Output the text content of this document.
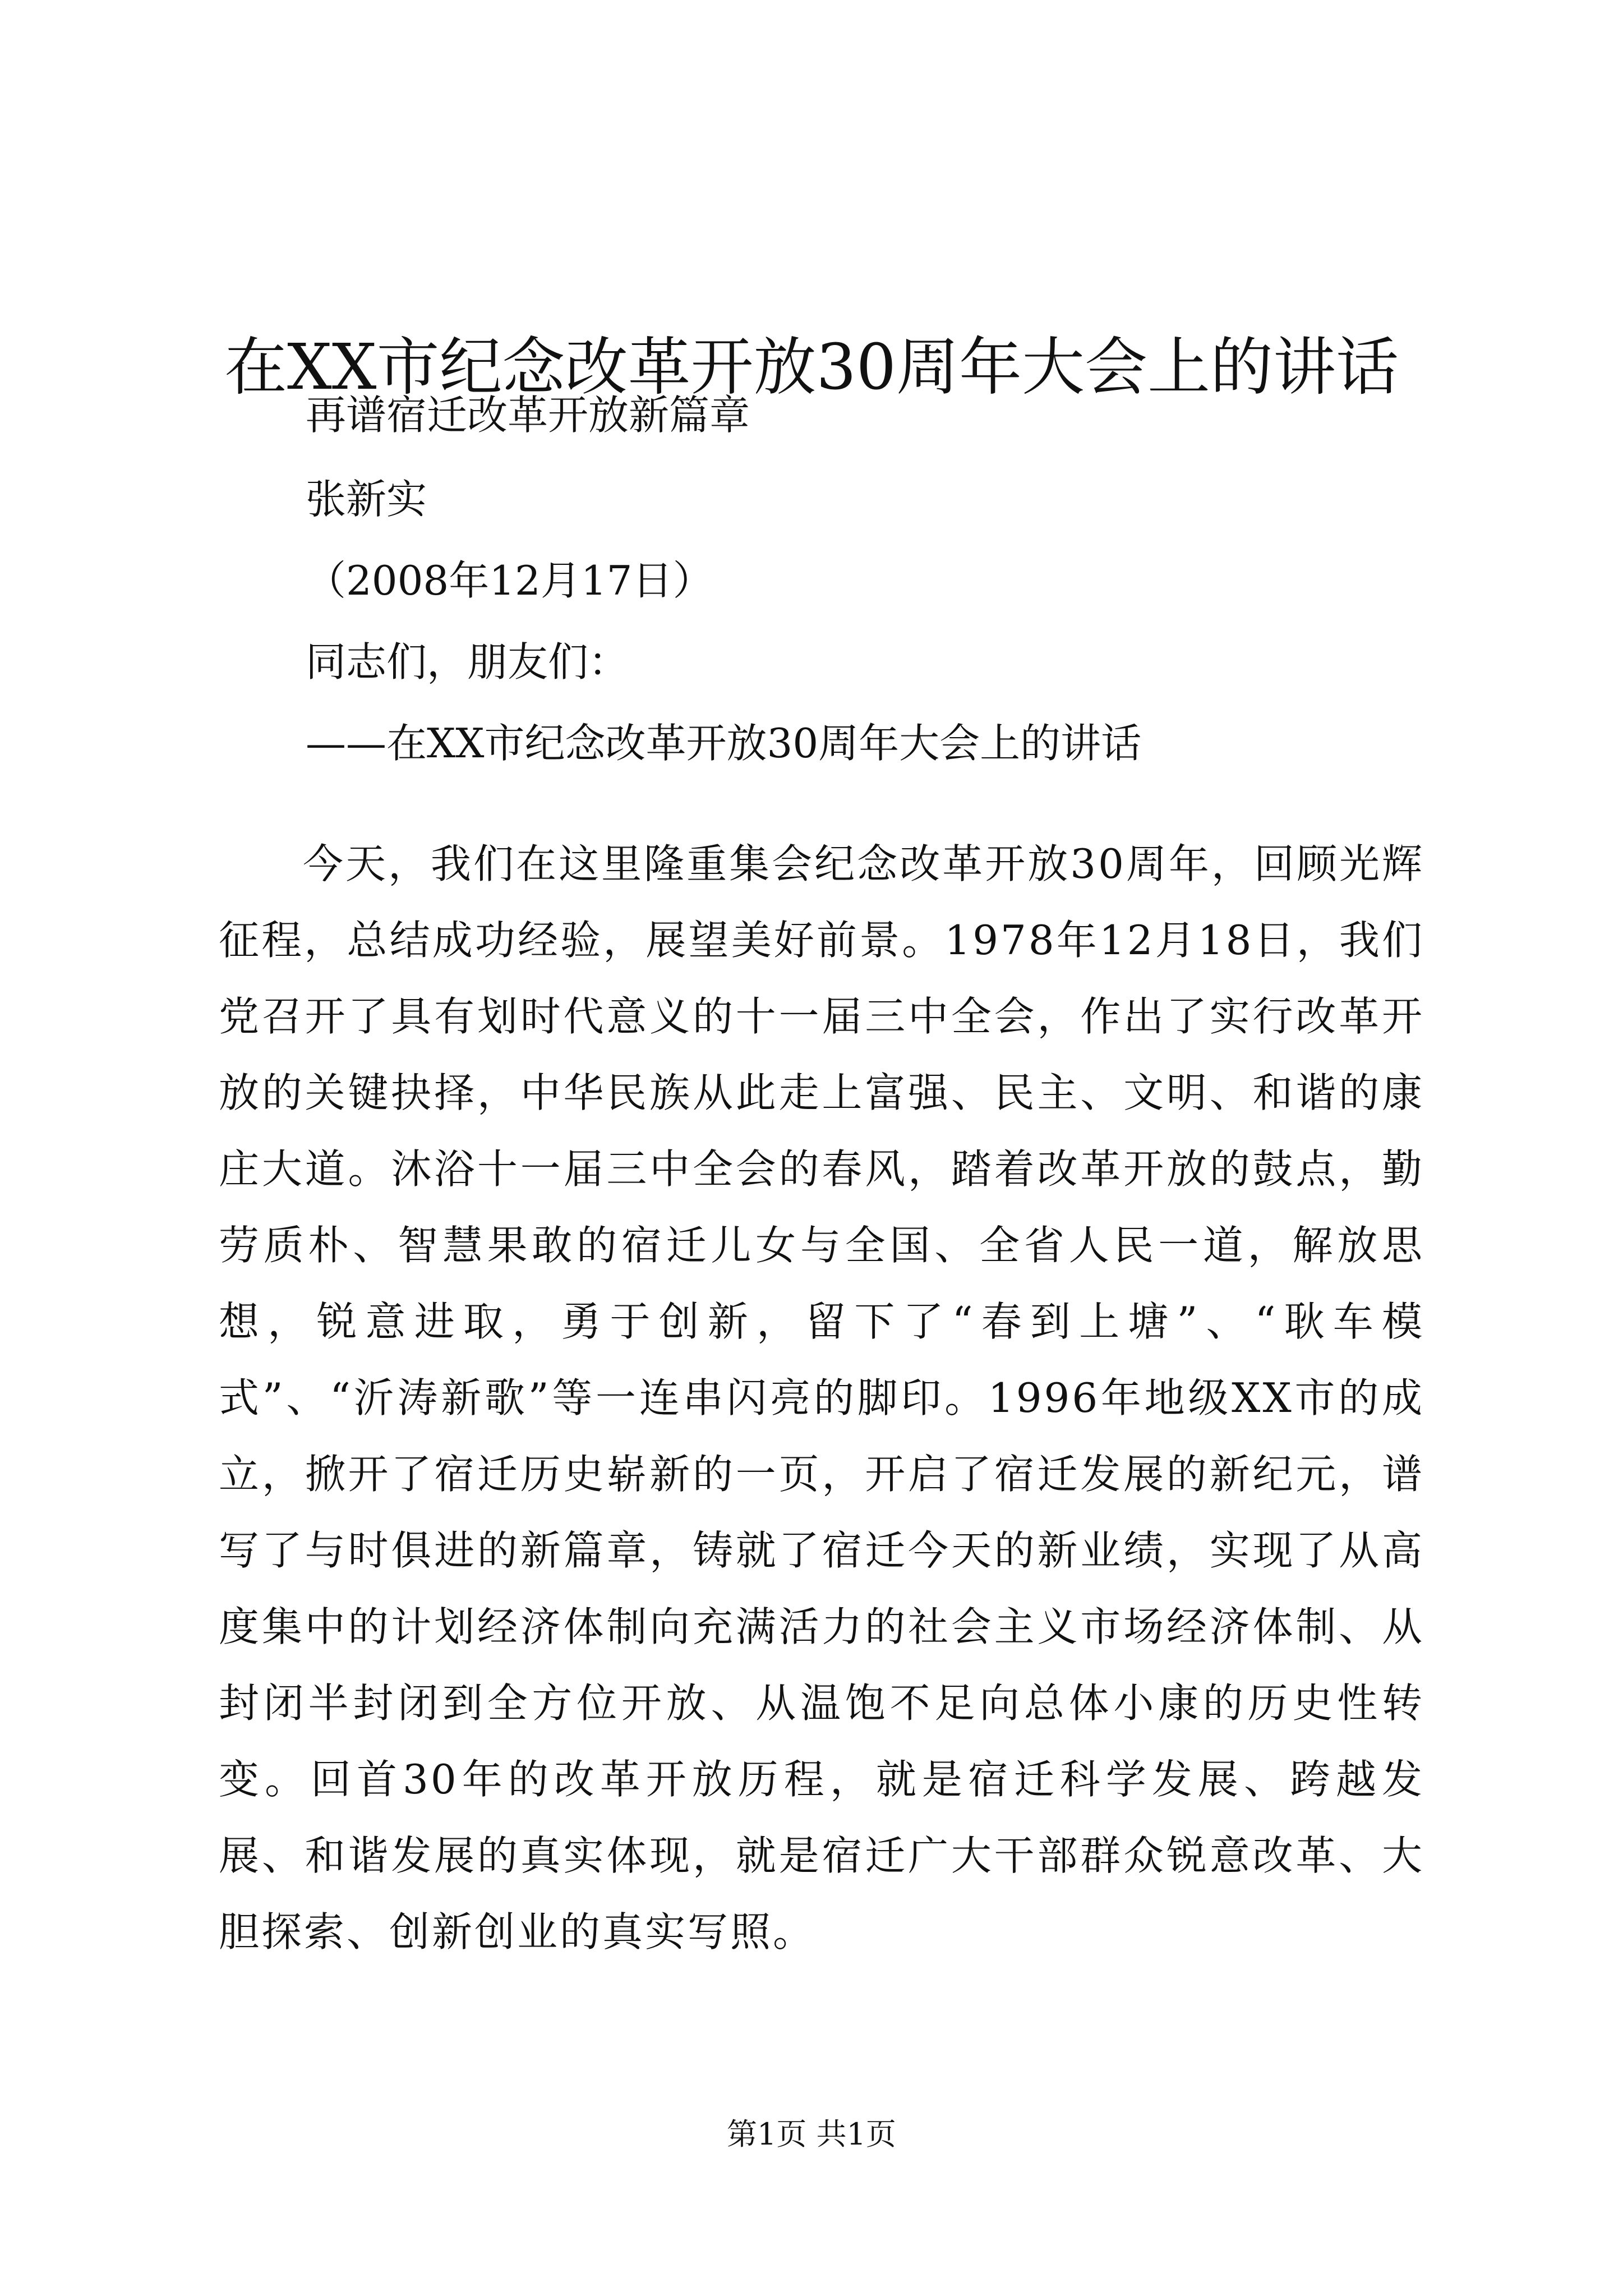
在XX市纪念改革开放30周年大会上的讲话
再谱宿迁改革开放新篇章
张新实
（2008年12月17日）
同志们，朋友们：
——在XX市纪念改革开放30周年大会上的讲话

今天，我们在这里隆重集会纪念改革开放30周年，回顾光辉征程，总结成功经验，展望美好前景。1978年12月18日，我们党召开了具有划时代意义的十一届三中全会，作出了实行改革开放的关键抉择，中华民族从此走上富强、民主、文明、和谐的康庄大道。沐浴十一届三中全会的春风，踏着改革开放的鼓点，勤劳质朴、智慧果敢的宿迁儿女与全国、全省人民一道，解放思想，锐意进取，勇于创新，留下了“春到上塘”、“耿车模式”、“沂涛新歌”等一连串闪亮的脚印。1996年地级XX市的成立，掀开了宿迁历史崭新的一页，开启了宿迁发展的新纪元，谱写了与时俱进的新篇章，铸就了宿迁今天的新业绩，实现了从高度集中的计划经济体制向充满活力的社会主义市场经济体制、从封闭半封闭到全方位开放、从温饱不足向总体小康的历史性转变。回首30年的改革开放历程，就是宿迁科学发展、跨越发展、和谐发展的真实体现，就是宿迁广大干部群众锐意改革、大胆探索、创新创业的真实写照。

第1页 共1页
